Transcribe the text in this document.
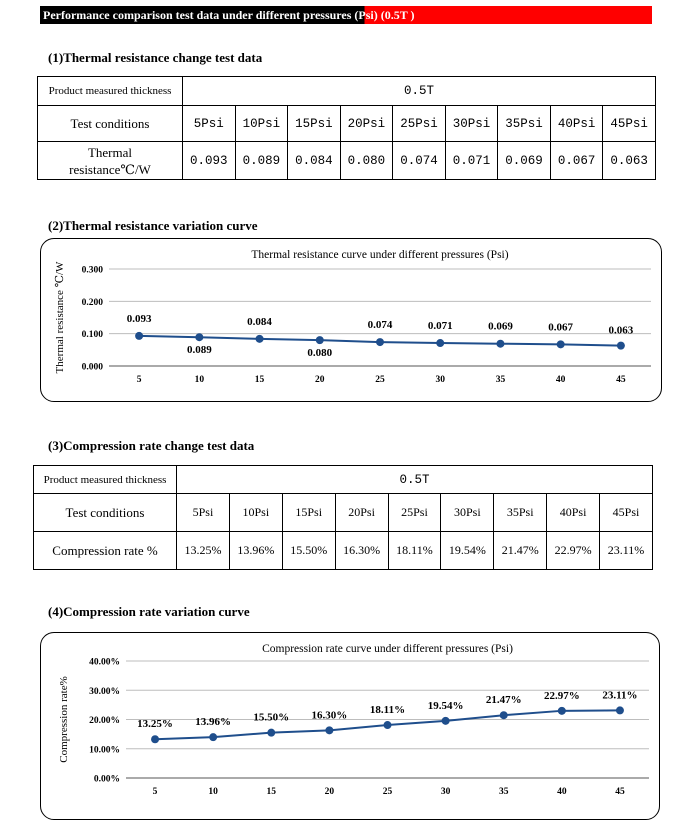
Performance comparison test data under different pressures (Psi) (0.5T )
(1)Thermal resistance change test data
Product measured thickness	0.5T								
Test conditions	5Psi	10Psi	15Psi	20Psi	25Psi	30Psi	35Psi	40Psi	45Psi
Thermal
resistance℃/W	0.093	0.089	0.084	0.080	0.074	0.071	0.069	0.067	0.063
(2)Thermal resistance variation curve
Thermal resistance curve under different pressures (Psi)
Thermal resistance ℃/W 0.000
0.100
0.200
0.300
5	10	15	20	25	30	35	40	45
0.093
0.089
0.084
0.080
0.074	0.071	0.069	0.067	0.063
(3)Compression rate change test data
Product measured thickness	0.5T								
Test conditions	5Psi	10Psi	15Psi	20Psi	25Psi	30Psi	35Psi	40Psi	45Psi
Compression rate %	13.25%	13.96%	15.50%	16.30%	18.11%	19.54%	21.47%	22.97%	23.11%
(4)Compression rate variation curve
Compression rate curve under different pressures (Psi)
Compression rate%
0.00%
10.00%
20.00%
30.00%
40.00%
5	10	15	20	25	30	35	40	45
13.25% 13.96% 15.50% 16.30% 18.11% 19.54% 21.47% 22.97% 23.11%
